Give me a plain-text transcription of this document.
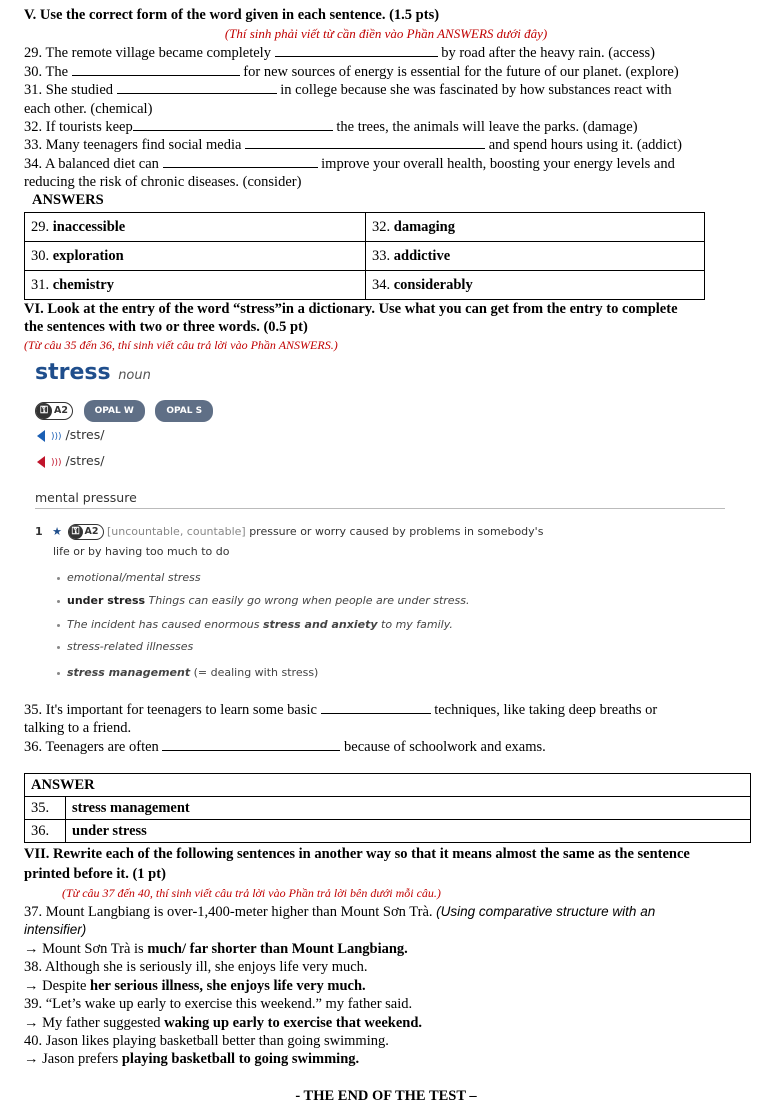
V. Use the correct form of the word given in each sentence. (1.5 pts)
(Thí sinh phải viết từ cần điền vào Phần ANSWERS dưới đây)
29. The remote village became completely	by road after the heavy rain. (access)
30. The	for new sources of energy is essential for the future of our planet. (explore)
31. She studied	in college because she was fascinated by how substances react with
each other. (chemical)
32. If tourists keep	the trees, the animals will leave the parks. (damage)
33. Many teenagers find social media	and spend hours using it. (addict)
34. A balanced diet can	improve your overall health, boosting your energy levels and
reducing the risk of chronic diseases. (consider)
ANSWERS
29. inaccessible	32. damaging
30. exploration	33. addictive
31. chemistry	34. considerably
VI. Look at the entry of the word “stress”in a dictionary. Use what you can get from the entry to complete
the sentences with two or three words. (0.5 pt)
(Từ câu 35 đến 36, thí sinh viết câu trả lời vào Phần ANSWERS.)
stress noun
⚿ A2	OPAL W	OPAL S
))) /stres/
))) /stres/
mental pressure
1 ★ ⚿ A2 [uncountable, countable] pressure or worry caused by problems in somebody's
life or by having too much to do
emotional/mental stress
under stress Things can easily go wrong when people are under stress.
The incident has caused enormous stress and anxiety to my family.
stress-related illnesses
stress management (= dealing with stress)
35. It's important for teenagers to learn some basic	techniques, like taking deep breaths or
talking to a friend.
36. Teenagers are often	because of schoolwork and exams.
ANSWER	
35.	stress management
36.	under stress
VII. Rewrite each of the following sentences in another way so that it means almost the same as the sentence
printed before it. (1 pt)
(Từ câu 37 đến 40, thí sinh viết câu trả lời vào Phần trả lời bên dưới mỗi câu.)
37. Mount Langbiang is over-1,400-meter higher than Mount Sơn Trà. (Using comparative structure with an
intensifier)
→ Mount Sơn Trà is much/ far shorter than Mount Langbiang.
38. Although she is seriously ill, she enjoys life very much.
→ Despite her serious illness, she enjoys life very much.
39. “Let’s wake up early to exercise this weekend.” my father said.
→ My father suggested waking up early to exercise that weekend.
40. Jason likes playing basketball better than going swimming.
→ Jason prefers playing basketball to going swimming.
- THE END OF THE TEST –
